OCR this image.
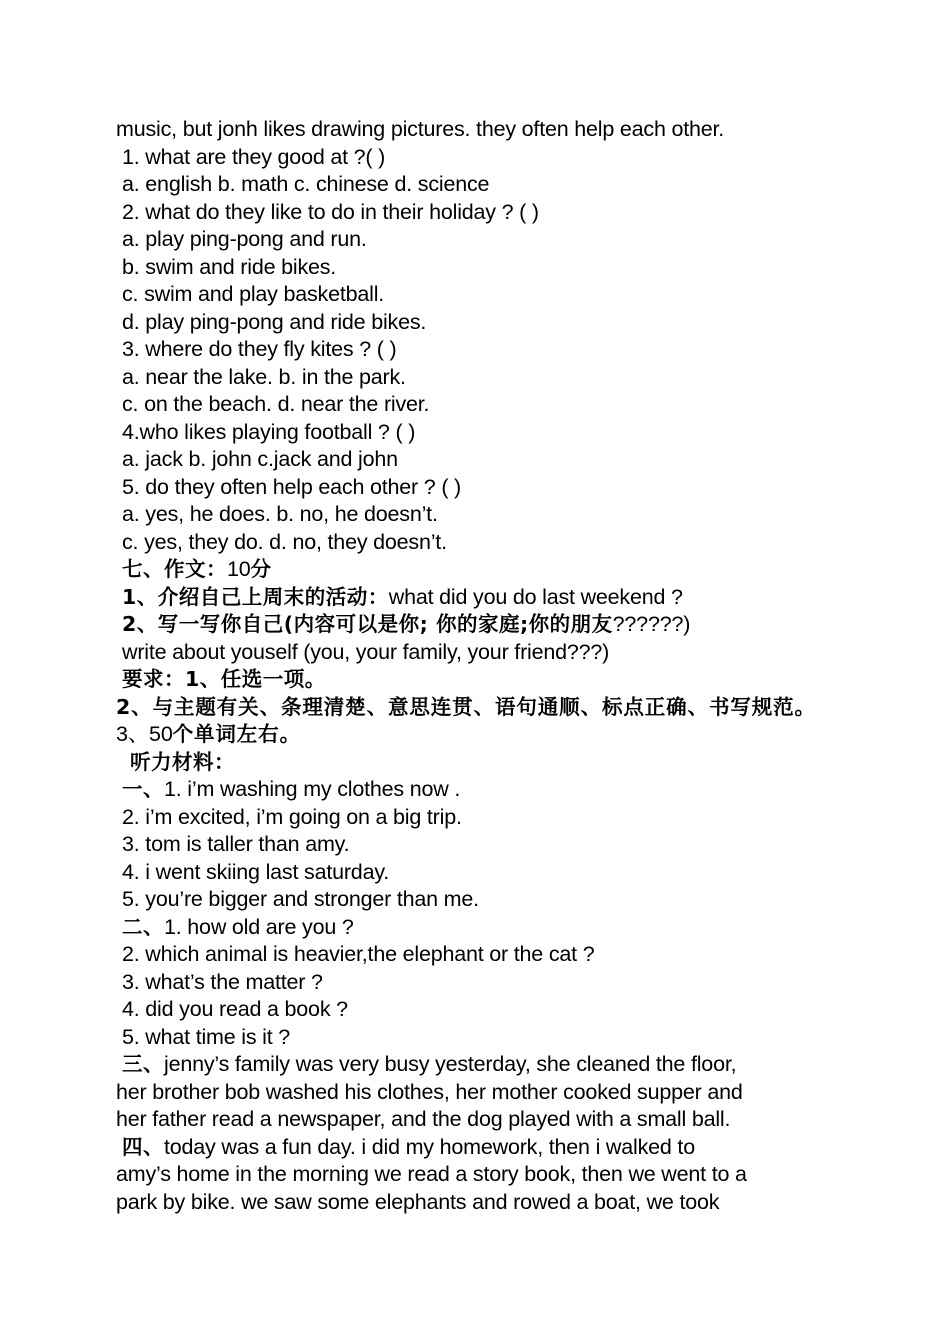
music, but jonh likes drawing pictures. they often help each other.
1. what are they good at ?( )
a. english b. math c. chinese d. science
2. what do they like to do in their holiday ? ( )
a. play ping-pong and run.
b. swim and ride bikes.
c. swim and play basketball.
d. play ping-pong and ride bikes.
3. where do they fly kites ? ( )
a. near the lake. b. in the park.
c. on the beach. d. near the river.
4.who likes playing football ? ( )
a. jack b. john c.jack and john
5. do they often help each other ? ( )
a. yes, he does. b. no, he doesn’t.
c. yes, they do. d. no, they doesn’t.
七、作文：10分
1、介绍自己上周末的活动：what did you do last weekend ?
2、写一写你自己(内容可以是你; 你的家庭;你的朋友??????)
write about youself (you, your family, your friend???)
要求：1、任选一项。
2、与主题有关、条理清楚、意思连贯、语句通顺、标点正确、书写规范。 3、50个单词左右。
听力材料：
一、1. i’m washing my clothes now .
2. i’m excited, i’m going on a big trip.
3. tom is taller than amy.
4. i went skiing last saturday.
5. you’re bigger and stronger than me.
二、1. how old are you ?
2. which animal is heavier,the elephant or the cat ?
3. what’s the matter ?
4. did you read a book ?
5. what time is it ?
三、jenny’s family was very busy yesterday, she cleaned the floor,
her brother bob washed his clothes, her mother cooked supper and
her father read a newspaper, and the dog played with a small ball.
四、today was a fun day. i did my homework, then i walked to
amy’s home in the morning we read a story book, then we went to a
park by bike. we saw some elephants and rowed a boat, we took
